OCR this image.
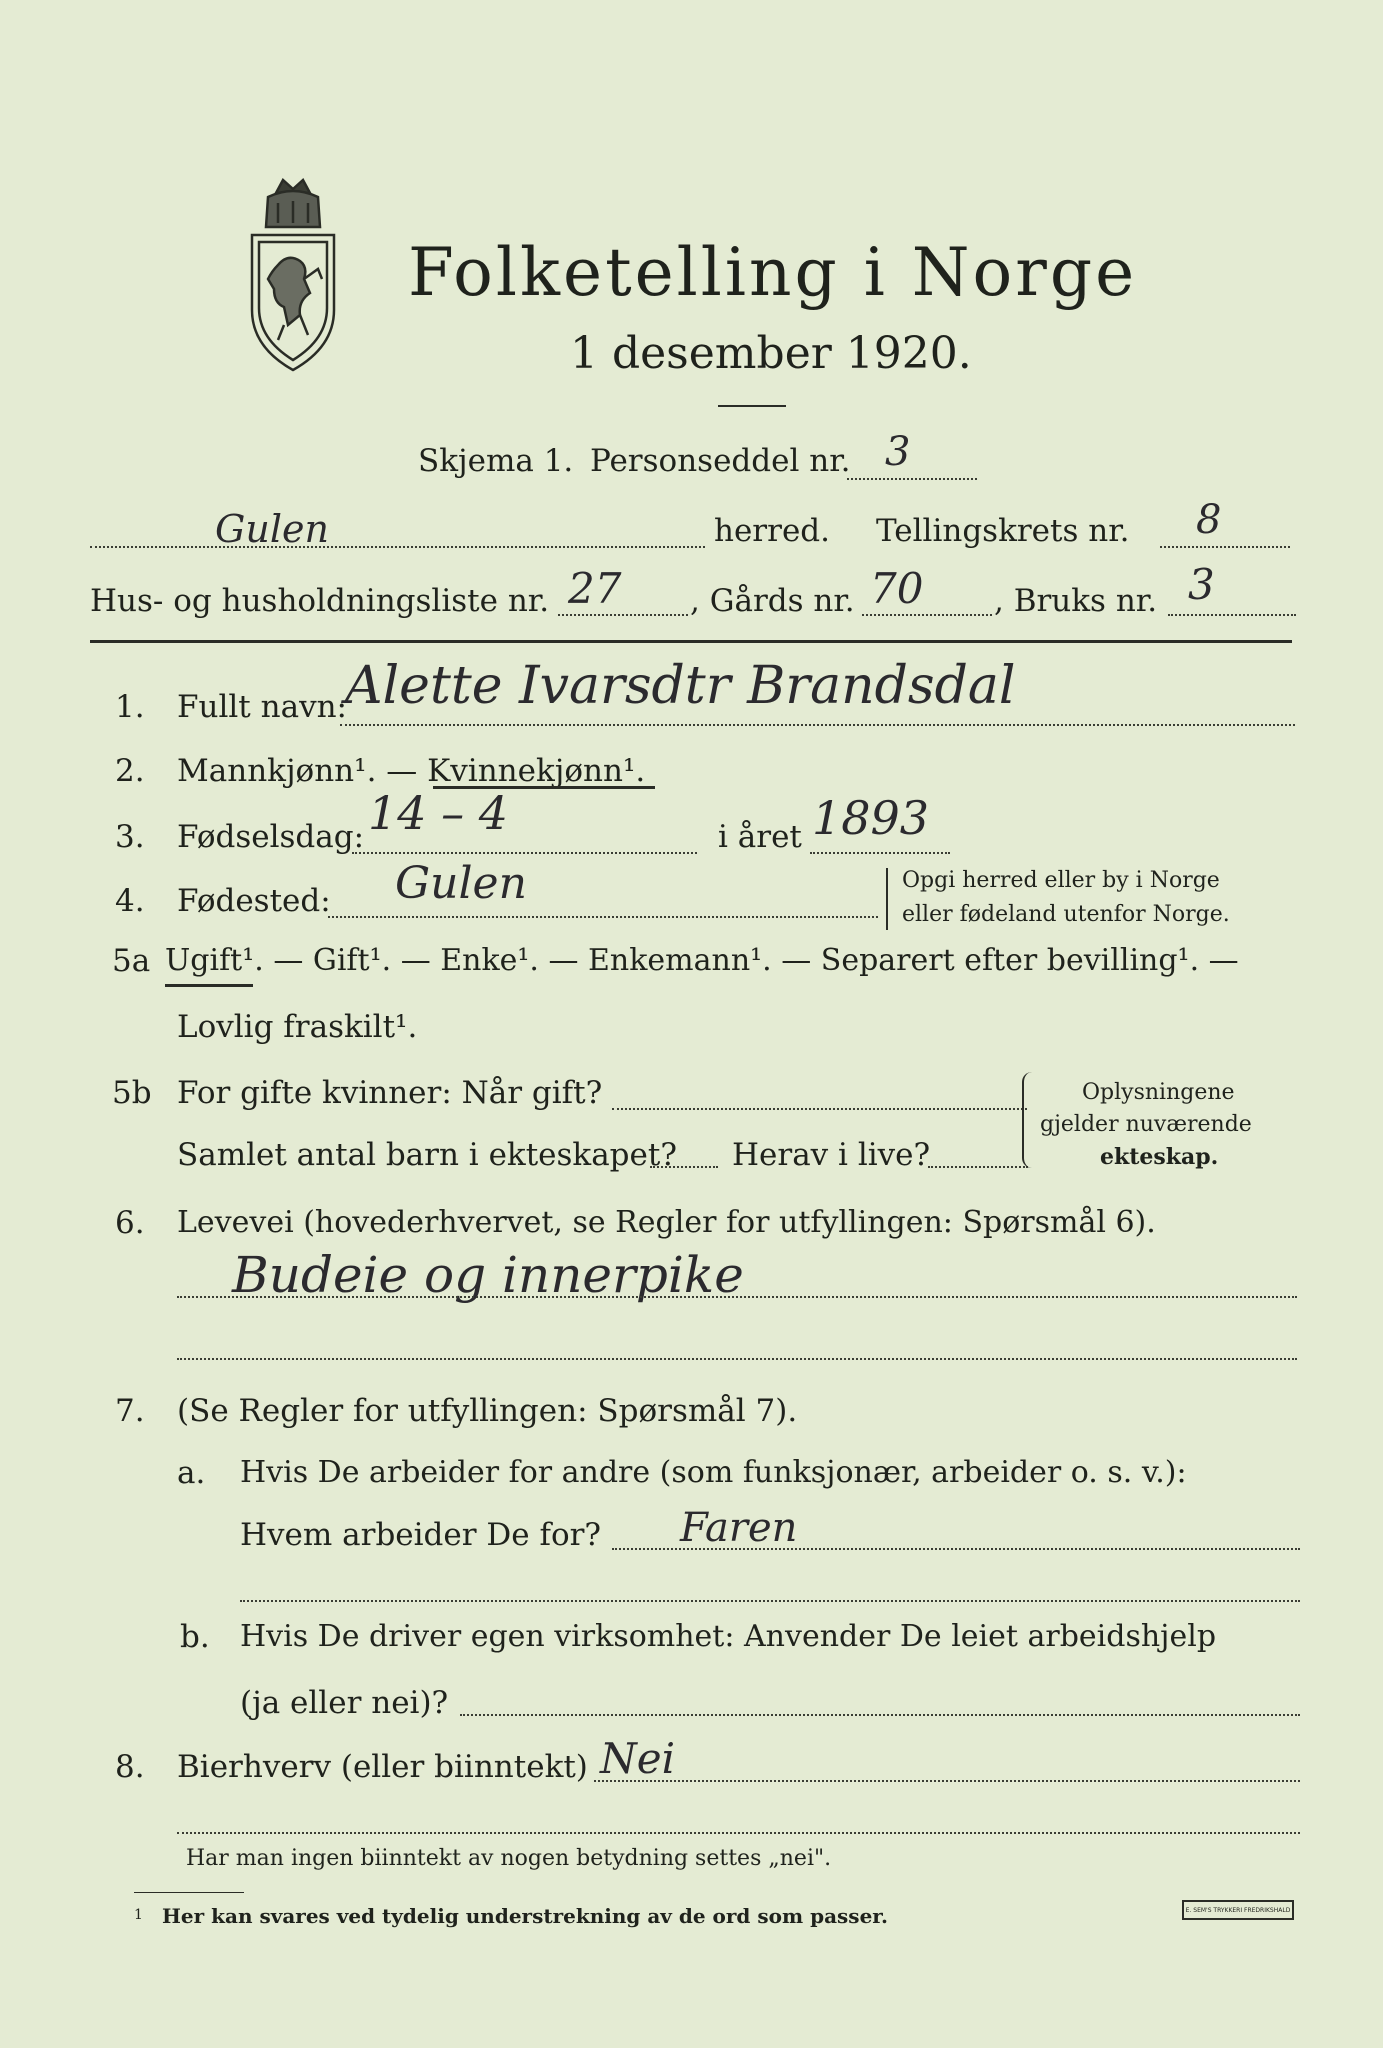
Folketelling i Norge
1 desember 1920.
Skjema 1. Personseddel nr. 3
Gulen	herred. Tellingskrets nr. 8
Hus- og husholdningsliste nr. 27 , Gårds nr. 70 , Bruks nr. 3
1. Fullt navn:
Alette Ivarsdtr Brandsdal
2. Mannkjønn¹. — Kvinnekjønn¹.
3. Fødselsdag: 14 – 4	i året 1893
4. Fødested: Gulen	Opgi herred eller by i Norge
eller fødeland utenfor Norge.
5a Ugift¹. — Gift¹. — Enke¹. — Enkemann¹. — Separert efter bevilling¹. —
Lovlig fraskilt¹.
5b For gifte kvinner: Når gift?
Samlet antal barn i ekteskapet? Herav i live?
Oplysningene
gjelder nuværende
ekteskap.
6. Levevei (hovederhvervet, se Regler for utfyllingen: Spørsmål 6).
Budeie og innerpike
7. (Se Regler for utfyllingen: Spørsmål 7).
a. Hvis De arbeider for andre (som funksjonær, arbeider o. s. v.):
Hvem arbeider De for? Faren
b. Hvis De driver egen virksomhet: Anvender De leiet arbeidshjelp
(ja eller nei)?
8. Bierhverv (eller biinntekt) Nei
Har man ingen biinntekt av nogen betydning settes „nei".
1 Her kan svares ved tydelig understrekning av de ord som passer.	E. SEM'S TRYKKERI FREDRIKSHALD
